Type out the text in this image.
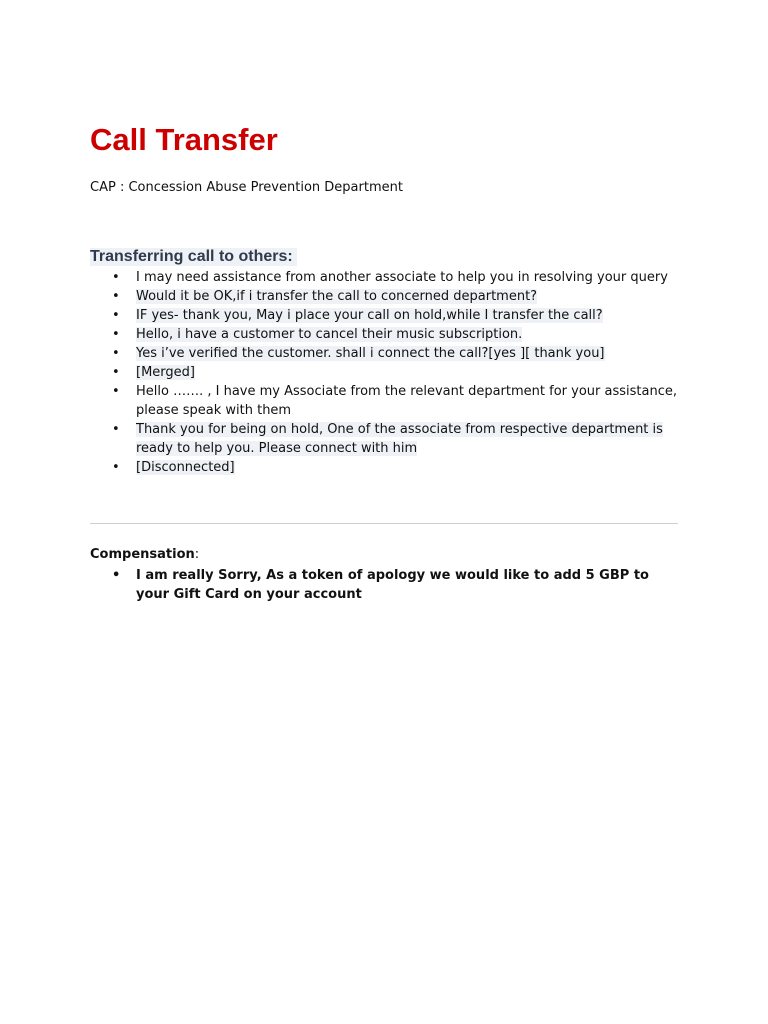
Call Transfer
CAP : Concession Abuse Prevention Department
Transferring call to others:
• I may need assistance from another associate to help you in resolving your query
• Would it be OK,if i transfer the call to concerned department?
• IF yes- thank you, May i place your call on hold,while I transfer the call?
• Hello, i have a customer to cancel their music subscription.
• Yes i’ve verified the customer. shall i connect the call?[yes ][ thank you]
• [Merged]
• Hello ……. , I have my Associate from the relevant department for your assistance, please speak with them
• Thank you for being on hold, One of the associate from respective department is ready to help you. Please connect with him
• [Disconnected]
Compensation:
• I am really Sorry, As a token of apology we would like to add 5 GBP to your Gift Card on your account
